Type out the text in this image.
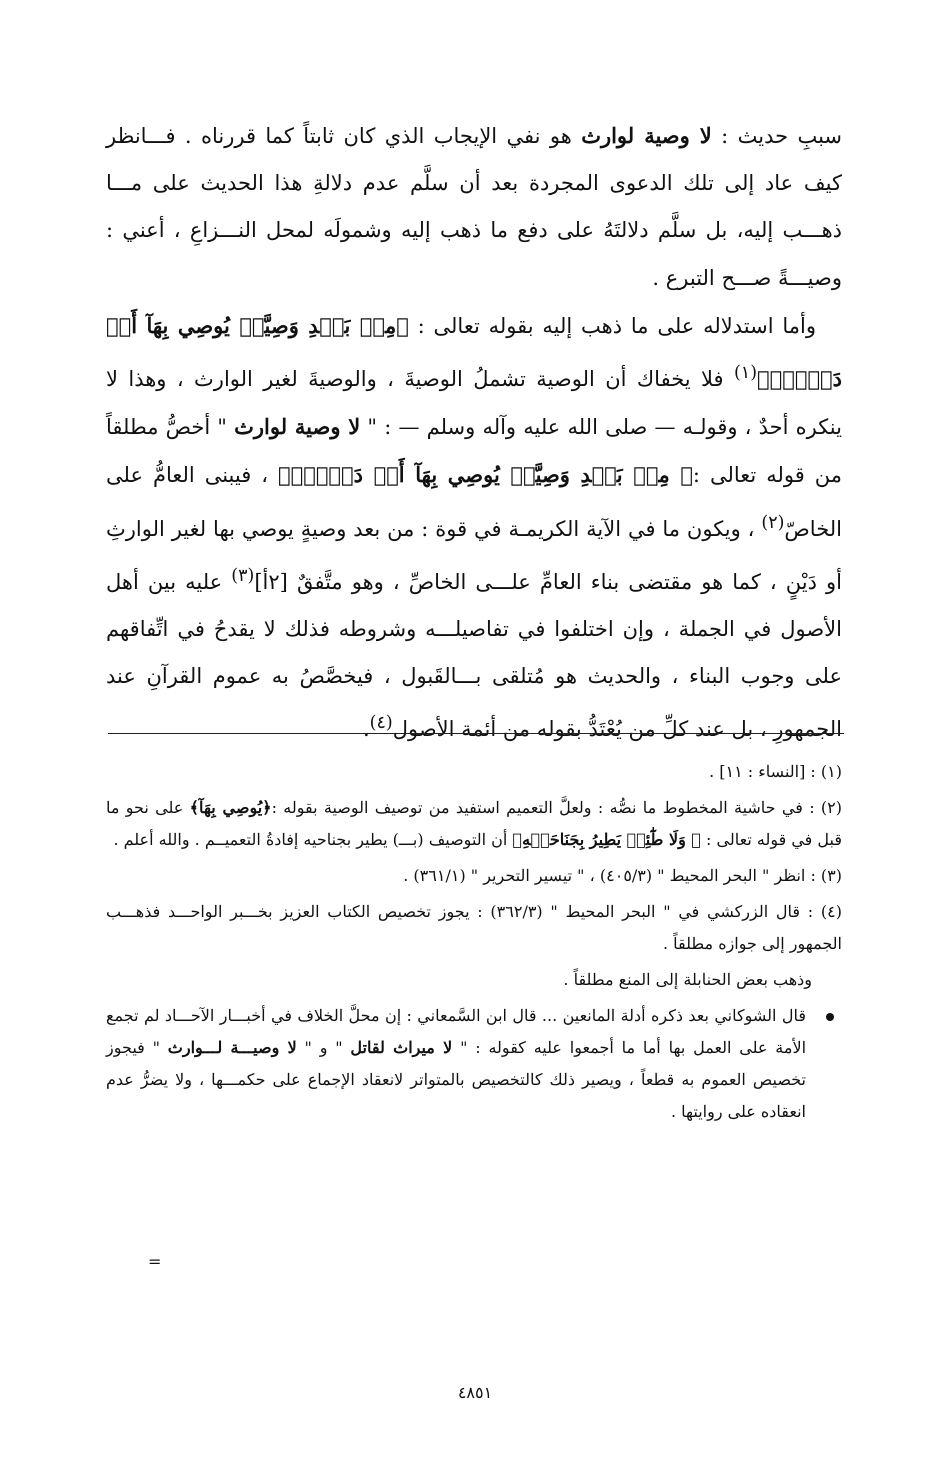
سببِ حديث : لا وصية لوارث هو نفي الإيجاب الذي كان ثابتاً كما قررناه . فـــانظر كيف عاد إلى تلك الدعوى المجردة بعد أن سلَّم عدم دلالةِ هذا الحديث على مـــا ذهـــب إليه، بل سلَّم دلالتَهُ على دفع ما ذهب إليه وشمولَه لمحل النـــزاعِ ، أعني : وصيـــةً صـــح التبرع .

وأما استدلاله على ما ذهب إليه بقوله تعالى : ﴿مِنۢ بَعۡدِ وَصِيَّةٖ يُوصِي بِهَآ أَوۡ دَيۡنٍۗ﴾$^{(١)}$ فلا يخفاك أن الوصية تشملُ الوصيةَ ، والوصيةَ لغير الوارث ، وهذا لا ينكره أحدٌ ، وقولـه — صلى الله عليه وآله وسلم — : " لا وصية لوارث " أخصُّ مطلقاً من قوله تعالى :﴿ مِنۢ بَعۡدِ وَصِيَّةٖ يُوصِي بِهَآ أَوۡ دَيۡنٍۗ﴾ ، فيبنى العامُّ على الخاصّ$^{(٢)}$ ، ويكون ما في الآية الكريمـة في قوة : من بعد وصيةٍ يوصي بها لغير الوارثِ أو دَيْنٍ ، كما هو مقتضى بناء العامِّ علـــى الخاصِّ ، وهو متَّفقٌ [٢أ]$^{(٣)}$ عليه بين أهل الأصول في الجملة ، وإن اختلفوا في تفاصيلـــه وشروطه فذلك لا يقدحُ في اتِّفاقهم على وجوب البناء ، والحديث هو مُتلقى بـــالقَبول ، فيخصَّصُ به عموم القرآنِ عند الجمهورِ ، بل عند كلِّ من يُعْتَدُّ بقوله من أئمة الأصول$^{(٤)}$.

(١) : [النساء : ١١] .

(٢) : في حاشية المخطوط ما نصُّه : ولعلَّ التعميم استفيد من توصيف الوصية بقوله :﴿يُوصِي بِهَآ﴾ على نحو ما قبل في قوله تعالى : ﴿ وَلَا طَٰٓئِرٖ يَطِيرُ بِجَنَاحَيۡهِ﴾ أن التوصيف (بـــ) يطير بجناحيه إفادةُ التعميــم . والله أعلم .

(٣) : انظر " البحر المحيط " (٤٠٥/٣) ، " تيسير التحرير " (٣٦١/١) .

(٤) : قال الزركشي في " البحر المحيط " (٣٦٢/٣) : يجوز تخصيص الكتاب العزيز بخـــبر الواحـــد فذهـــب الجمهور إلى جوازه مطلقاً .

وذهب بعض الحنابلة إلى المنع مطلقاً .

قال الشوكاني بعد ذكره أدلة المانعين ... قال ابن السَّمعاني : إن محلَّ الخلاف في أخبـــار الآحـــاد لم تجمع الأمة على العمل بها أما ما أجمعوا عليه كقوله : " لا ميراث لقاتل " و " لا وصيـــة لـــوارث " فيجوز تخصيص العموم به قطعاً ، ويصير ذلك كالتخصيص بالمتواتر لانعقاد الإجماع على حكمـــها ، ولا يضرُّ عدم انعقاده على روايتها .

=
٤٨٥١
